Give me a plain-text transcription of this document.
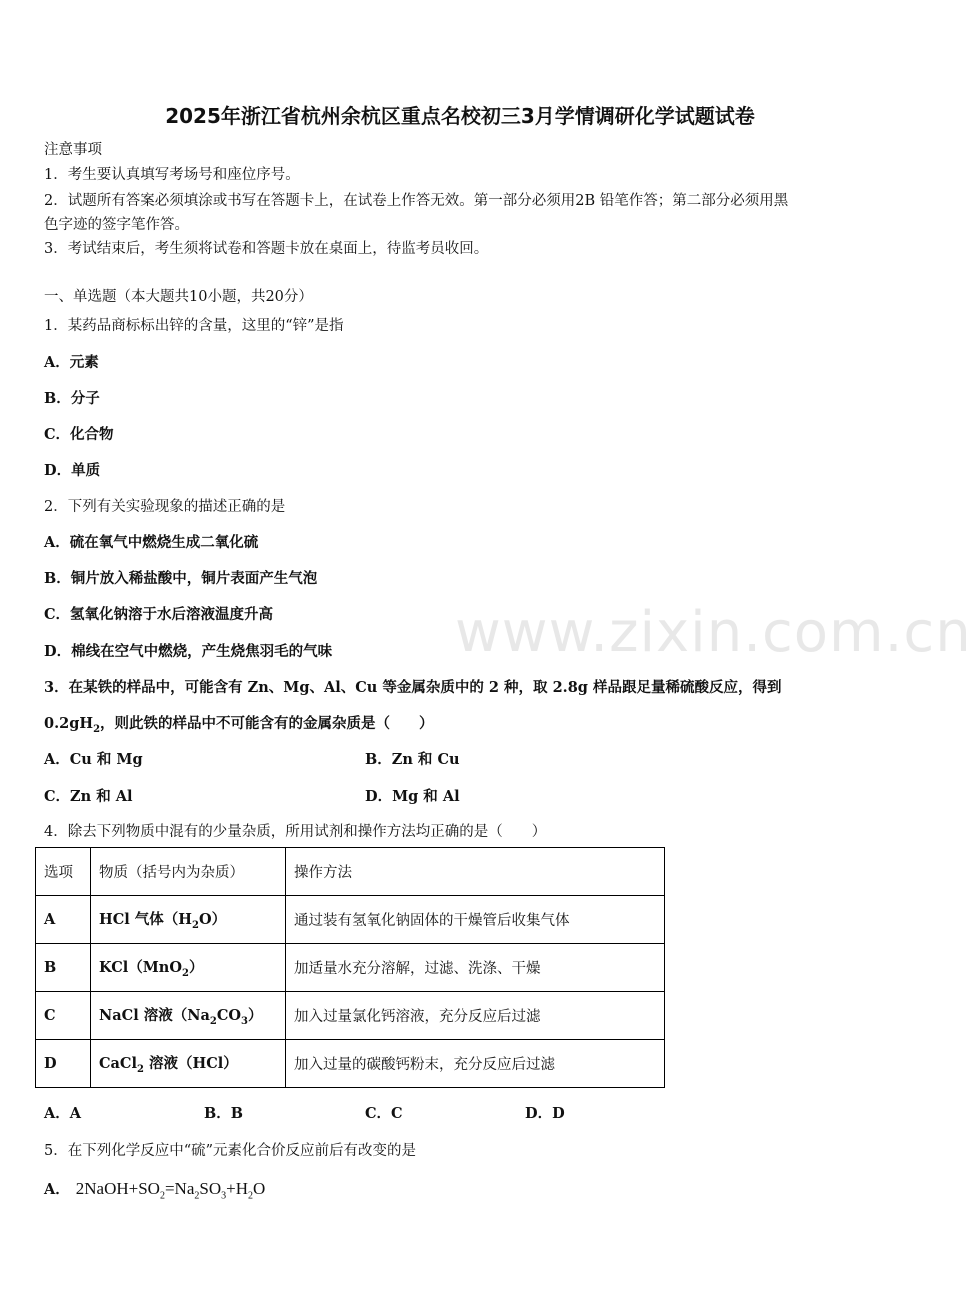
2025年浙江省杭州余杭区重点名校初三3月学情调研化学试题试卷
注意事项
1．考生要认真填写考场号和座位序号。
2．试题所有答案必须填涂或书写在答题卡上，在试卷上作答无效。第一部分必须用2B 铅笔作答；第二部分必须用黑
色字迹的签字笔作答。
3．考试结束后，考生须将试卷和答题卡放在桌面上，待监考员收回。
一、单选题（本大题共10小题，共20分）
1．某药品商标标出锌的含量，这里的“锌”是指
A．元素
B．分子
C．化合物
D．单质
2．下列有关实验现象的描述正确的是
A．硫在氧气中燃烧生成二氧化硫
B．铜片放入稀盐酸中，铜片表面产生气泡
C．氢氧化钠溶于水后溶液温度升高
D．棉线在空气中燃烧，产生烧焦羽毛的气味 www.zixin.com.cn
3．在某铁的样品中，可能含有 Zn、Mg、Al、Cu 等金属杂质中的 2 种，取 2.8g 样品跟足量稀硫酸反应，得到
$0.2gH_2$，则此铁的样品中不可能含有的金属杂质是（　　）
A．Cu 和 Mg	B．Zn 和 Cu
C．Zn 和 Al	D．Mg 和 Al
4．除去下列物质中混有的少量杂质，所用试剂和操作方法均正确的是（　　）
选项	物质（括号内为杂质）	操作方法
A	HCl 气体$(H_2O)$	通过装有氢氧化钠固体的干燥管后收集气体
B	KCl（MnO$_2$）	加适量水充分溶解，过滤、洗涤、干燥
C	NaCl 溶液$(Na_2CO_3)$	加入过量氯化钙溶液，充分反应后过滤
D	CaCl$_2$ 溶液（HCl）	加入过量的碳酸钙粉末，充分反应后过滤
A．A	B．B	C．C	D．D
5．在下列化学反应中“硫”元素化合价反应前后有改变的是
A． $2NaOH+SO_2=Na_2SO_3+H_2O$
